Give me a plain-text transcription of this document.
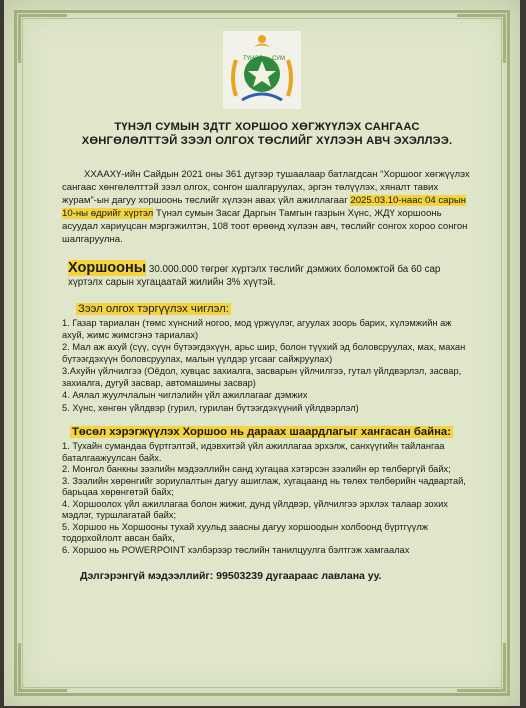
ТҮНЭЛ СУМ
ТҮНЭЛ СУМЫН ЗДТГ ХОРШОО ХӨГЖҮҮЛЭХ САНГААС
ХӨНГӨЛӨЛТТЭЙ ЗЭЭЛ ОЛГОХ ТӨСЛИЙГ ХҮЛЭЭН АВЧ ЭХЭЛЛЭЭ.

ХХААХҮ-ийн Сайдын 2021 оны 361 дүгээр тушаалаар батлагдсан “Хоршоог хөгжүүлэх сангаас хөнгөлөлттэй зээл олгох, сонгон шалгаруулах, эргэн төлүүлэх, хяналт тавих журам”-ын дагуу хоршоонь төслийг хүлээн авах үйл ажиллагааг 2025.03.10-наас 04 сарын 10-ны өдрийг хүртэл Түнэл сумын Засаг Даргын Тамгын газрын Хүнс, ЖДҮ хоршоонь асуудал хариуцсан мэргэжилтэн, 108 тоот өрөөнд хүлээн авч, төслийг сонгох хороо сонгон шалгаруулна.

Хоршооны 30.000.000 төгрөг хүртэлх төслийг дэмжих боломжтой ба 60 сар хүртэлх сарын хугацаатай жилийн 3% хүүтэй.

Зээл олгох тэргүүлэх чиглэл:
1. Газар тариалан (төмс хүнсний ногоо, мод үржүүлэг, агуулах зоорь барих, хүлэмжийн аж ахуй, жимс жимсгэнэ тариалах)
2. Мал аж ахуй (сүү, сүүн бүтээгдэхүүн, арьс шир, болон түүхий эд боловсруулах, мах, махан бүтээгдэхүүн боловсруулах, малын үүлдэр угсааг сайжруулах)
3.Ахуйн үйлчилгээ (Оёдол, хувцас захиалга, засварын үйлчилгээ, гутал үйлдвэрлэл, засвар, захиалга, дугуй засвар, автомашины засвар)
4. Аялал жуулчлалын чиглэлийн үйл ажиллагааг дэмжих
5. Хүнс, хөнгөн үйлдвэр (гурил, гурилан бүтээгдэхүүний үйлдвэрлэл)
Төсөл хэрэгжүүлэх Хоршоо нь дараах шаардлагыг хангасан байна:
1. Тухайн сумандаа бүртгэлтэй, идэвхитэй үйл ажиллагаа эрхэлж, санхүүгийн тайлангаа баталгаажуулсан байх.
2. Монгол банкны зээлийн мэдээллийн санд хугацаа хэтэрсэн зээлийн өр төлбөргүй байх;
3. Зээлийн хөрөнгийг зориулалтын дагуу ашиглаж, хугацаанд нь төлөх төлбөрийн чадвартай, барьцаа хөрөнгөтэй байх;
4. Хоршоолох үйл ажиллагаа болон жижиг, дунд үйлдвэр, үйлчилгээ эрхлэх талаар зохих мэдлэг, туршлагатай байх;
5. Хоршоо нь Хоршооны тухай хуульд заасны дагуу хоршоодын холбоонд бүртгүүлж тодорхойлолт авсан байх,
6. Хоршоо нь POWERPOINT хэлбэрээр төслийн танилцуулга бэлтгэж хамгаалах
Дэлгэрэнгүй мэдээллийг: 99503239 дугаараас лавлана уу.
